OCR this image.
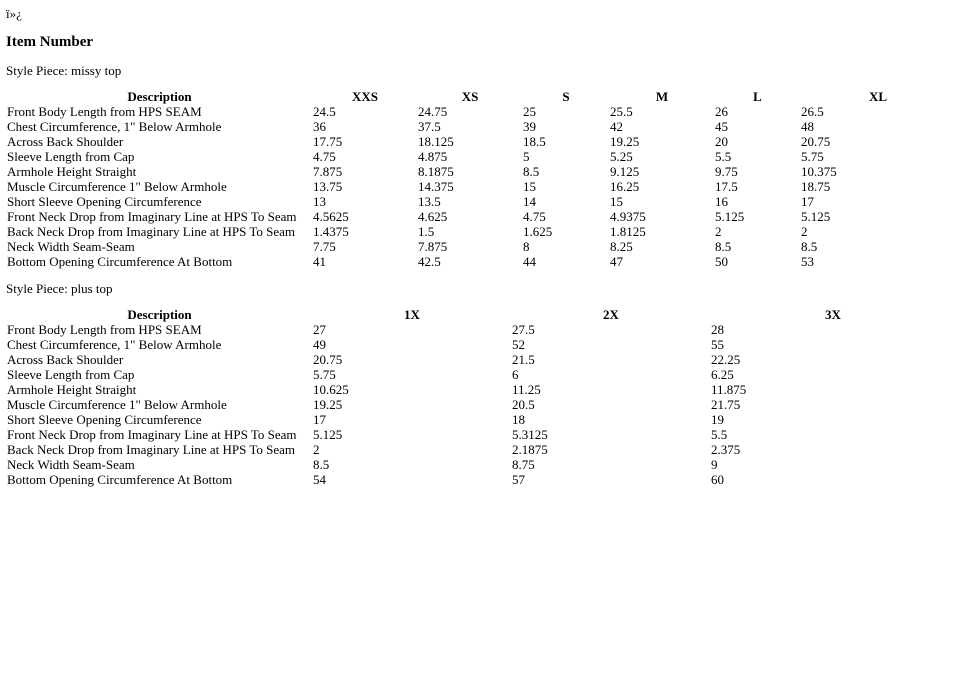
ï»¿
Item Number
Style Piece: missy top
Description	XXS	XS	S	M	L	XL
Front Body Length from HPS SEAM	24.5	24.75	25	25.5	26	26.5
Chest Circumference, 1" Below Armhole	36	37.5	39	42	45	48
Across Back Shoulder	17.75	18.125	18.5	19.25	20	20.75
Sleeve Length from Cap	4.75	4.875	5	5.25	5.5	5.75
Armhole Height Straight	7.875	8.1875	8.5	9.125	9.75	10.375
Muscle Circumference 1" Below Armhole	13.75	14.375	15	16.25	17.5	18.75
Short Sleeve Opening Circumference	13	13.5	14	15	16	17
Front Neck Drop from Imaginary Line at HPS To Seam	4.5625	4.625	4.75	4.9375	5.125	5.125
Back Neck Drop from Imaginary Line at HPS To Seam	1.4375	1.5	1.625	1.8125	2	2
Neck Width Seam-Seam	7.75	7.875	8	8.25	8.5	8.5
Bottom Opening Circumference At Bottom	41	42.5	44	47	50	53
Style Piece: plus top
Description	1X	2X	3X
Front Body Length from HPS SEAM	27	27.5	28
Chest Circumference, 1" Below Armhole	49	52	55
Across Back Shoulder	20.75	21.5	22.25
Sleeve Length from Cap	5.75	6	6.25
Armhole Height Straight	10.625	11.25	11.875
Muscle Circumference 1" Below Armhole	19.25	20.5	21.75
Short Sleeve Opening Circumference	17	18	19
Front Neck Drop from Imaginary Line at HPS To Seam	5.125	5.3125	5.5
Back Neck Drop from Imaginary Line at HPS To Seam	2	2.1875	2.375
Neck Width Seam-Seam	8.5	8.75	9
Bottom Opening Circumference At Bottom	54	57	60
